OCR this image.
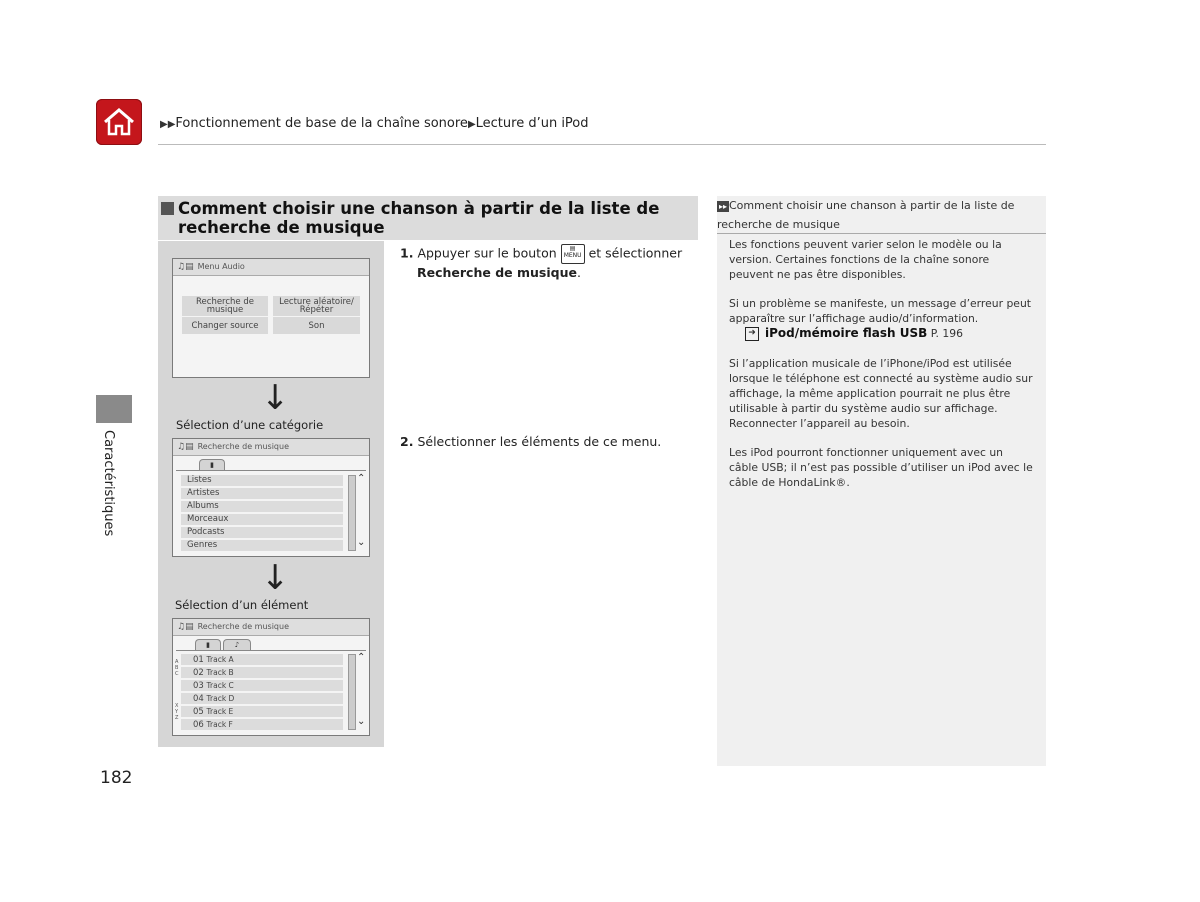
▶▶Fonctionnement de base de la chaîne sonore▶Lecture d’un iPod
Caractéristiques
182
Comment choisir une chanson à partir de la liste de recherche de musique
♫▤ Menu Audio
Recherche de musique
Lecture aléatoire/ Répéter
Changer source	Son
↓
Sélection d’une catégorie
♫▤ Recherche de musique
▮
Listes
Artistes
Albums
Morceaux
Podcasts
Genres
⌃
⌄
↓
Sélection d’un élément
♫▤ Recherche de musique
▮	♪
A B C
X Y Z
01 Track A
02 Track B
03 Track C
04 Track D
05 Track E
06 Track F
⌃
⌄
1. Appuyer sur le bouton ▤
MENU et sélectionner
Recherche de musique.
2. Sélectionner les éléments de ce menu.
▸▸ Comment choisir une chanson à partir de la liste de recherche de musique
Les fonctions peuvent varier selon le modèle ou la version. Certaines fonctions de la chaîne sonore peuvent ne pas être disponibles.
Si un problème se manifeste, un message d’erreur peut apparaître sur l’affichage audio/d’information.
➜ iPod/mémoire flash USB P. 196
Si l’application musicale de l’iPhone/iPod est utilisée lorsque le téléphone est connecté au système audio sur affichage, la même application pourrait ne plus être utilisable à partir du système audio sur affichage. Reconnecter l’appareil au besoin.
Les iPod pourront fonctionner uniquement avec un câble USB; il n’est pas possible d’utiliser un iPod avec le câble de HondaLink®.
